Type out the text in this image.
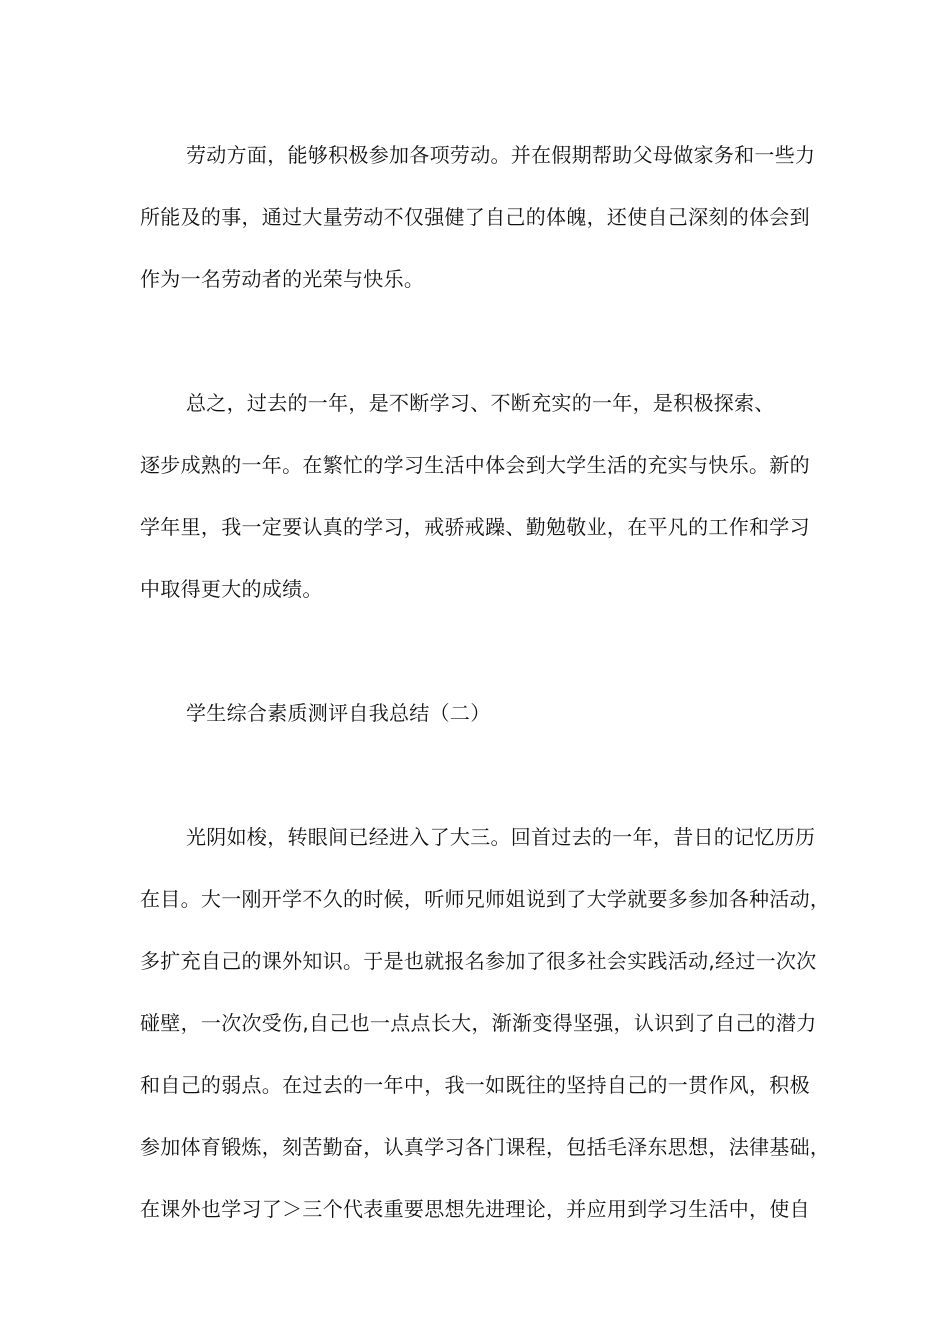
劳动方面，能够积极参加各项劳动。并在假期帮助父母做家务和一些力
所能及的事，通过大量劳动不仅强健了自己的体魄，还使自己深刻的体会到
作为一名劳动者的光荣与快乐。
总之，过去的一年，是不断学习、不断充实的一年，是积极探索、
逐步成熟的一年。在繁忙的学习生活中体会到大学生活的充实与快乐。新的
学年里，我一定要认真的学习，戒骄戒躁、勤勉敬业，在平凡的工作和学习
中取得更大的成绩。
学生综合素质测评自我总结（二）
光阴如梭，转眼间已经进入了大三。回首过去的一年，昔日的记忆历历
在目。大一刚开学不久的时候，听师兄师姐说到了大学就要多参加各种活动，
多扩充自己的课外知识。于是也就报名参加了很多社会实践活动,经过一次次
碰壁，一次次受伤,自己也一点点长大，渐渐变得坚强，认识到了自己的潜力
和自己的弱点。在过去的一年中，我一如既往的坚持自己的一贯作风，积极
参加体育锻炼，刻苦勤奋，认真学习各门课程，包括毛泽东思想，法律基础，
在课外也学习了＞三个代表重要思想先进理论，并应用到学习生活中，使自
